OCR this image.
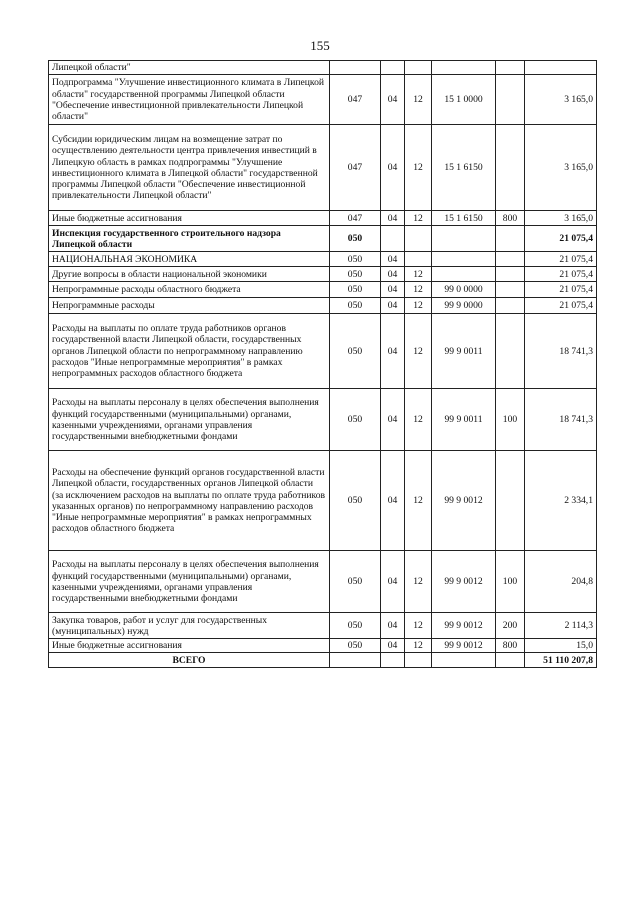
155
Липецкой области"						
Подпрограмма "Улучшение инвестиционного климата в Липецкой области" государственной программы Липецкой области "Обеспечение инвестиционной привлекательности Липецкой области"	047	04	12	15 1 0000		3 165,0
Субсидии юридическим лицам на возмещение затрат по осуществлению деятельности центра привлечения инвестиций в Липецкую область в рамках подпрограммы "Улучшение инвестиционного климата в Липецкой области" государственной программы Липецкой области "Обеспечение инвестиционной привлекательности Липецкой области"	047	04	12	15 1 6150		3 165,0
Иные бюджетные ассигнования	047	04	12	15 1 6150	800	3 165,0
Инспекция государственного строительного надзора Липецкой области	050					21 075,4
НАЦИОНАЛЬНАЯ ЭКОНОМИКА	050	04				21 075,4
Другие вопросы в области национальной экономики	050	04	12			21 075,4
Непрограммные расходы областного бюджета	050	04	12	99 0 0000		21 075,4
Непрограммные расходы	050	04	12	99 9 0000		21 075,4
Расходы на выплаты по оплате труда работников органов государственной власти Липецкой области, государственных органов Липецкой области по непрограммному направлению расходов "Иные непрограммные мероприятия" в рамках непрограммных расходов областного бюджета	050	04	12	99 9 0011		18 741,3
Расходы на выплаты персоналу в целях обеспечения выполнения функций государственными (муниципальными) органами, казенными учреждениями, органами управления государственными внебюджетными фондами	050	04	12	99 9 0011	100	18 741,3
Расходы на обеспечение функций органов государственной власти Липецкой области, государственных органов Липецкой области (за исключением расходов на выплаты по оплате труда работников указанных органов) по непрограммному направлению расходов "Иные непрограммные мероприятия" в рамках непрограммных расходов областного бюджета	050	04	12	99 9 0012		2 334,1
Расходы на выплаты персоналу в целях обеспечения выполнения функций государственными (муниципальными) органами, казенными учреждениями, органами управления государственными внебюджетными фондами	050	04	12	99 9 0012	100	204,8
Закупка товаров, работ и услуг для государственных (муниципальных) нужд	050	04	12	99 9 0012	200	2 114,3
Иные бюджетные ассигнования	050	04	12	99 9 0012	800	15,0
ВСЕГО						51 110 207,8
